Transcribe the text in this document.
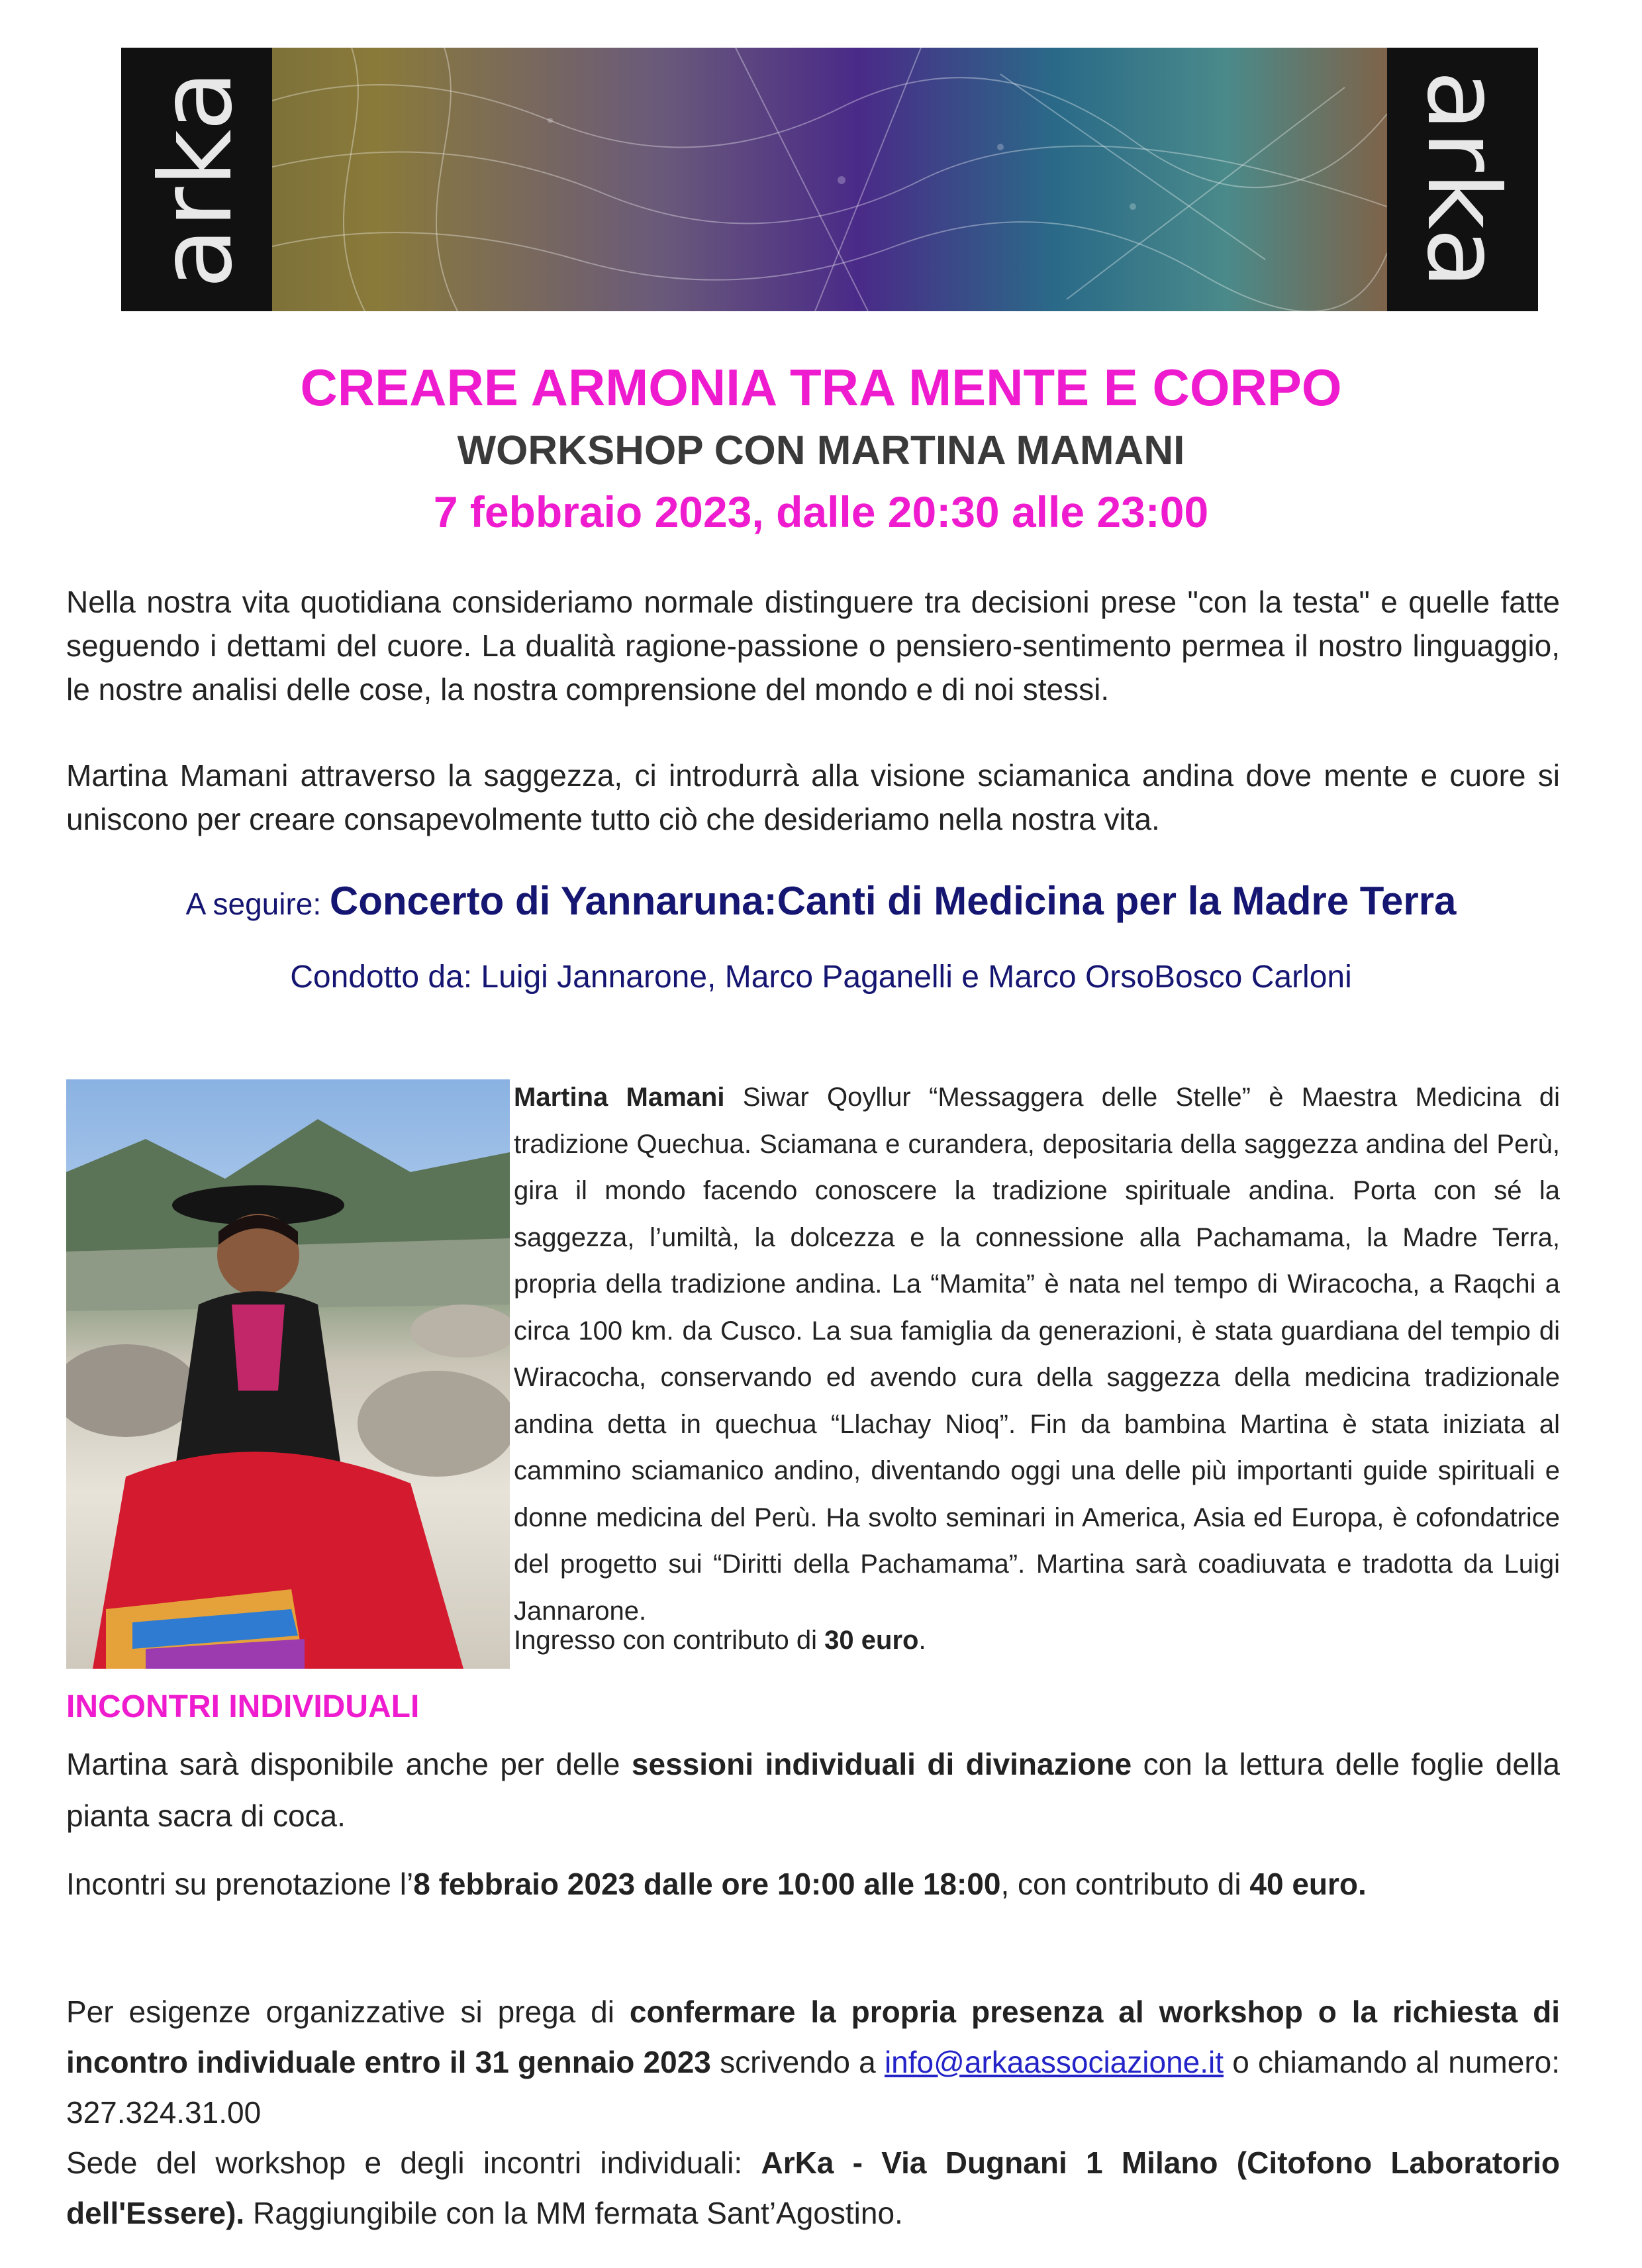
arka	arka
CREARE ARMONIA TRA MENTE E CORPO
WORKSHOP CON MARTINA MAMANI
7 febbraio 2023, dalle 20:30 alle 23:00
Nella nostra vita quotidiana consideriamo normale distinguere tra decisioni prese "con la testa" e quelle fatte seguendo i dettami del cuore. La dualità ragione-passione o pensiero-sentimento permea il nostro linguaggio, le nostre analisi delle cose, la nostra comprensione del mondo e di noi stessi.
Martina Mamani attraverso la saggezza, ci introdurrà alla visione sciamanica andina dove mente e cuore si uniscono per creare consapevolmente tutto ciò che desideriamo nella nostra vita.
A seguire: Concerto di Yannaruna:Canti di Medicina per la Madre Terra
Condotto da: Luigi Jannarone, Marco Paganelli e Marco OrsoBosco Carloni
Martina Mamani Siwar Qoyllur “Messaggera delle Stelle” è Maestra Medicina di tradizione Quechua. Sciamana e curandera, depositaria della saggezza andina del Perù, gira il mondo facendo conoscere la tradizione spirituale andina. Porta con sé la saggezza, l’umiltà, la dolcezza e la connessione alla Pachamama, la Madre Terra, propria della tradizione andina. La “Mamita” è nata nel tempo di Wiracocha, a Raqchi a circa 100 km. da Cusco. La sua famiglia da generazioni, è stata guardiana del tempio di Wiracocha, conservando ed avendo cura della saggezza della medicina tradizionale andina detta in quechua “Llachay Nioq”. Fin da bambina Martina è stata iniziata al cammino sciamanico andino, diventando oggi una delle più importanti guide spirituali e donne medicina del Perù. Ha svolto seminari in America, Asia ed Europa, è cofondatrice del progetto sui “Diritti della Pachamama”. Martina sarà coadiuvata e tradotta da Luigi Jannarone.
Ingresso con contributo di 30 euro.
INCONTRI INDIVIDUALI
Martina sarà disponibile anche per delle sessioni individuali di divinazione con la lettura delle foglie della pianta sacra di coca.
Incontri su prenotazione l’8 febbraio 2023 dalle ore 10:00 alle 18:00, con contributo di 40 euro.
Per esigenze organizzative si prega di confermare la propria presenza al workshop o la richiesta di incontro individuale entro il 31 gennaio 2023 scrivendo a info@arkaassociazione.it o chiamando al numero: 327.324.31.00
Sede del workshop e degli incontri individuali: ArKa - Via Dugnani 1 Milano (Citofono Laboratorio dell'Essere). Raggiungibile con la MM fermata Sant’Agostino.
